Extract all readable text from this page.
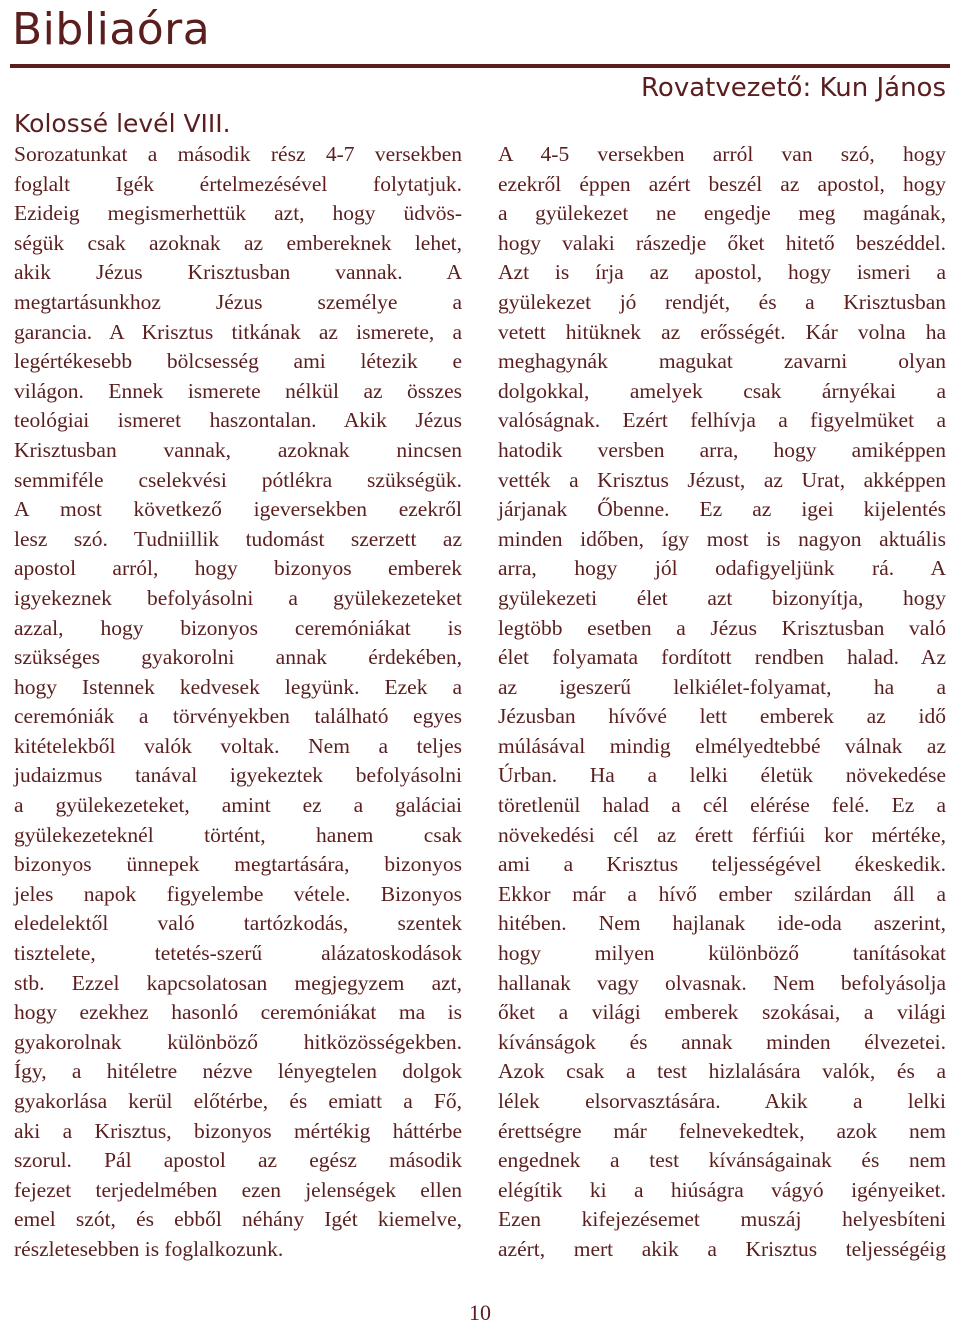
Bibliaóra
Rovatvezető: Kun János
Kolossé levél VIII.
Sorozatunkat a második rész 4-7 versekben
foglalt Igék értelmezésével folytatjuk.
Ezideig megismerhettük azt, hogy üdvös-
ségük csak azoknak az embereknek lehet,
akik Jézus Krisztusban vannak. A
megtartásunkhoz Jézus személye a
garancia. A Krisztus titkának az ismerete, a
legértékesebb bölcsesség ami létezik e
világon. Ennek ismerete nélkül az összes
teológiai ismeret haszontalan. Akik Jézus
Krisztusban vannak, azoknak nincsen
semmiféle cselekvési pótlékra szükségük.
A most következő igeversekben ezekről
lesz szó. Tudniillik tudomást szerzett az
apostol arról, hogy bizonyos emberek
igyekeznek befolyásolni a gyülekezeteket
azzal, hogy bizonyos ceremóniákat is
szükséges gyakorolni annak érdekében,
hogy Istennek kedvesek legyünk. Ezek a
ceremóniák a törvényekben található egyes
kitételekből valók voltak. Nem a teljes
judaizmus tanával igyekeztek befolyásolni
a gyülekezeteket, amint ez a galáciai
gyülekezeteknél történt, hanem csak
bizonyos ünnepek megtartására, bizonyos
jeles napok figyelembe vétele. Bizonyos
eledelektől való tartózkodás, szentek
tisztelete, tetetés-szerű alázatoskodások
stb. Ezzel kapcsolatosan megjegyzem azt,
hogy ezekhez hasonló ceremóniákat ma is
gyakorolnak különböző hitközösségekben.
Így, a hitéletre nézve lényegtelen dolgok
gyakorlása kerül előtérbe, és emiatt a Fő,
aki a Krisztus, bizonyos mértékig háttérbe
szorul. Pál apostol az egész második
fejezet terjedelmében ezen jelenségek ellen
emel szót, és ebből néhány Igét kiemelve,
részletesebben is foglalkozunk.
A 4-5 versekben arról van szó, hogy
ezekről éppen azért beszél az apostol, hogy
a gyülekezet ne engedje meg magának,
hogy valaki rászedje őket hitető beszéddel.
Azt is írja az apostol, hogy ismeri a
gyülekezet jó rendjét, és a Krisztusban
vetett hitüknek az erősségét. Kár volna ha
meghagynák magukat zavarni olyan
dolgokkal, amelyek csak árnyékai a
valóságnak. Ezért felhívja a figyelmüket a
hatodik versben arra, hogy amiképpen
vették a Krisztus Jézust, az Urat, akképpen
járjanak Őbenne. Ez az igei kijelentés
minden időben, így most is nagyon aktuális
arra, hogy jól odafigyeljünk rá. A
gyülekezeti élet azt bizonyítja, hogy
legtöbb esetben a Jézus Krisztusban való
élet folyamata fordított rendben halad. Az
az igeszerű lelkiélet-folyamat, ha a
Jézusban hívővé lett emberek az idő
múlásával mindig elmélyedtebbé válnak az
Úrban. Ha a lelki életük növekedése
töretlenül halad a cél elérése felé. Ez a
növekedési cél az érett férfiúi kor mértéke,
ami a Krisztus teljességével ékeskedik.
Ekkor már a hívő ember szilárdan áll a
hitében. Nem hajlanak ide-oda aszerint,
hogy milyen különböző tanításokat
hallanak vagy olvasnak. Nem befolyásolja
őket a világi emberek szokásai, a világi
kívánságok és annak minden élvezetei.
Azok csak a test hizlalására valók, és a
lélek elsorvasztására. Akik a lelki
érettségre már felnevekedtek, azok nem
engednek a test kívánságainak és nem
elégítik ki a hiúságra vágyó igényeiket.
Ezen kifejezésemet muszáj helyesbíteni
azért, mert akik a Krisztus teljességéig
10
